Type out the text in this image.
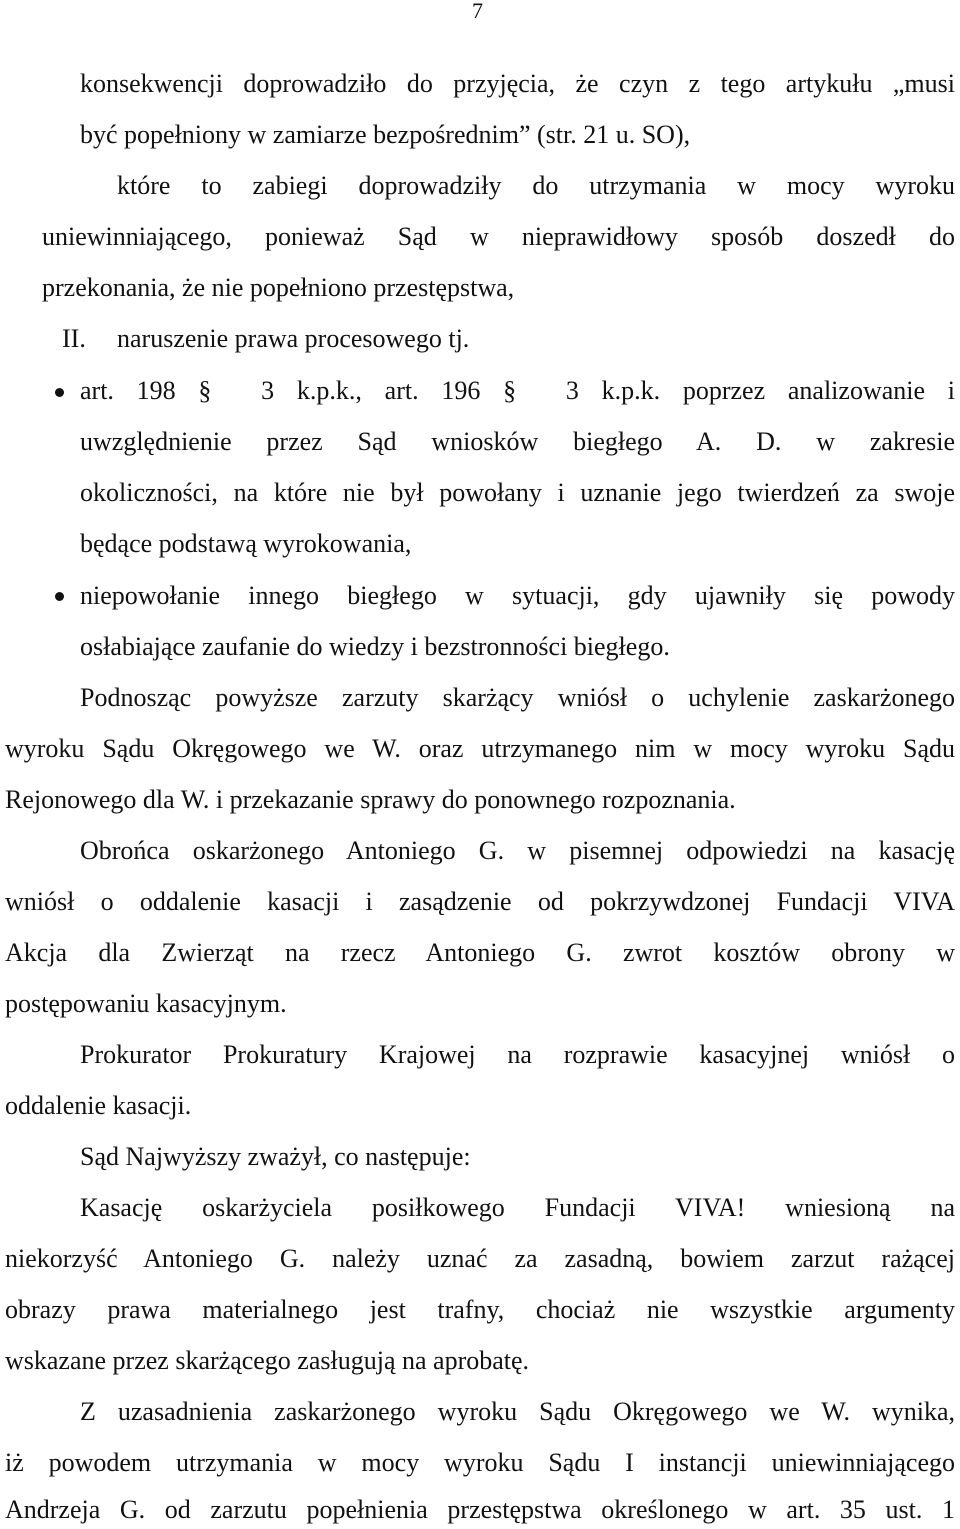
7
konsekwencji doprowadziło do przyjęcia, że czyn z tego artykułu „musi
być popełniony w zamiarze bezpośrednim” (str. 21 u. SO),
które to zabiegi doprowadziły do utrzymania w mocy wyroku
uniewinniającego, ponieważ Sąd w nieprawidłowy sposób doszedł do
przekonania, że nie popełniono przestępstwa,
II. naruszenie prawa procesowego tj.
art. 198 § 3 k.p.k., art. 196 § 3 k.p.k. poprzez analizowanie i
uwzględnienie przez Sąd wniosków biegłego A. D. w zakresie
okoliczności, na które nie był powołany i uznanie jego twierdzeń za swoje
będące podstawą wyrokowania,
niepowołanie innego biegłego w sytuacji, gdy ujawniły się powody
osłabiające zaufanie do wiedzy i bezstronności biegłego.
Podnosząc powyższe zarzuty skarżący wniósł o uchylenie zaskarżonego
wyroku Sądu Okręgowego we W. oraz utrzymanego nim w mocy wyroku Sądu
Rejonowego dla W. i przekazanie sprawy do ponownego rozpoznania.
Obrońca oskarżonego Antoniego G. w pisemnej odpowiedzi na kasację
wniósł o oddalenie kasacji i zasądzenie od pokrzywdzonej Fundacji VIVA
Akcja dla Zwierząt na rzecz Antoniego G. zwrot kosztów obrony w
postępowaniu kasacyjnym.
Prokurator Prokuratury Krajowej na rozprawie kasacyjnej wniósł o
oddalenie kasacji.
Sąd Najwyższy zważył, co następuje:
Kasację oskarżyciela posiłkowego Fundacji VIVA! wniesioną na
niekorzyść Antoniego G. należy uznać za zasadną, bowiem zarzut rażącej
obrazy prawa materialnego jest trafny, chociaż nie wszystkie argumenty
wskazane przez skarżącego zasługują na aprobatę.
Z uzasadnienia zaskarżonego wyroku Sądu Okręgowego we W. wynika,
iż powodem utrzymania w mocy wyroku Sądu I instancji uniewinniającego
Andrzeja G. od zarzutu popełnienia przestępstwa określonego w art. 35 ust. 1
